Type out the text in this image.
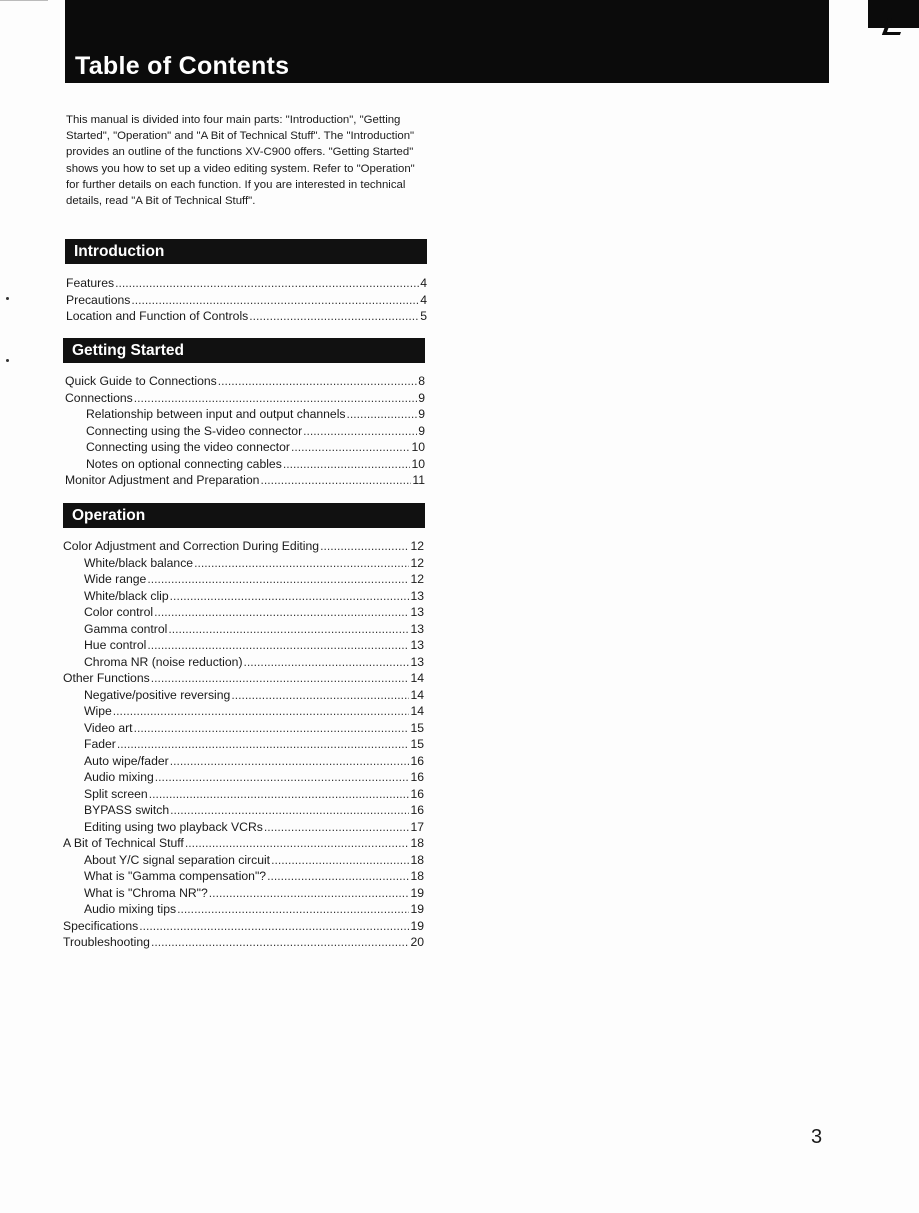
Table of Contents

This manual is divided into four main parts: "Introduction", "Getting Started", "Operation" and "A Bit of Technical Stuff". The "Introduction" provides an outline of the functions XV-C900 offers. "Getting Started" shows you how to set up a video editing system. Refer to "Operation" for further details on each function. If you are interested in technical details, read "A Bit of Technical Stuff".

Introduction
Features .....	4
Precautions .....	4
Location and Function of Controls .....	5
Getting Started
Quick Guide to Connections .....	8
Connections .....	9
Relationship between input and output channels .....	9
Connecting using the S-video connector .....	9
Connecting using the video connector .....	10
Notes on optional connecting cables .....	10
Monitor Adjustment and Preparation .....	11
Operation
Color Adjustment and Correction During Editing .....	12
White/black balance .....	12
Wide range .....	12
White/black clip .....	13
Color control .....	13
Gamma control .....	13
Hue control .....	13
Chroma NR (noise reduction) .....	13
Other Functions .....	14
Negative/positive reversing .....	14
Wipe .....	14
Video art .....	15
Fader .....	15
Auto wipe/fader .....	16
Audio mixing .....	16
Split screen .....	16
BYPASS switch .....	16
Editing using two playback VCRs .....	17
A Bit of Technical Stuff .....	18
About Y/C signal separation circuit .....	18
What is "Gamma compensation"? .....	18
What is "Chroma NR"? .....	19
Audio mixing tips .....	19
Specifications .....	19
Troubleshooting .....	20
3
